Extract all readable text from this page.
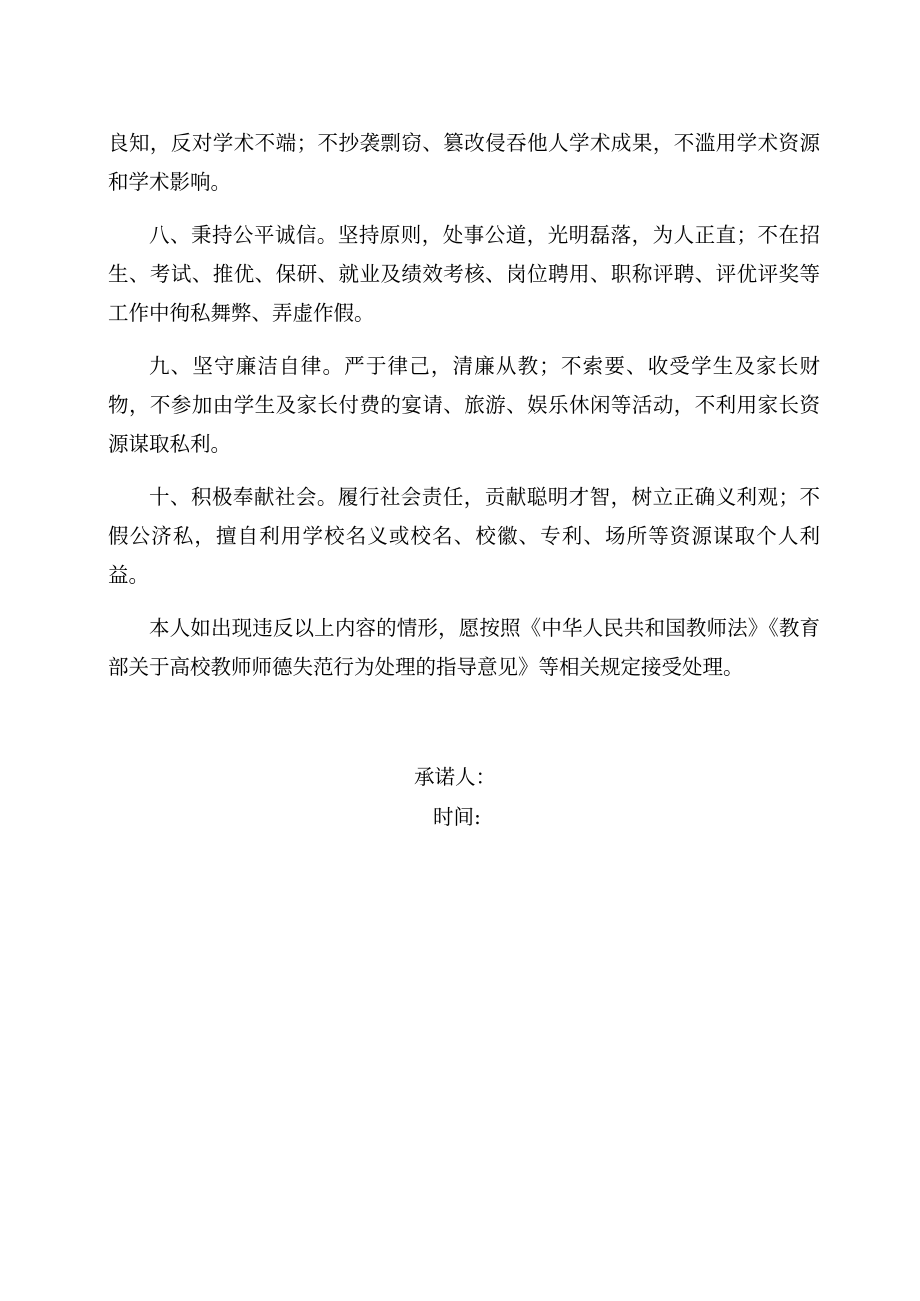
良知，反对学术不端；不抄袭剽窃、篡改侵吞他人学术成果，不滥用学术资源和学术影响。

八、秉持公平诚信。坚持原则，处事公道，光明磊落，为人正直；不在招生、考试、推优、保研、就业及绩效考核、岗位聘用、职称评聘、评优评奖等工作中徇私舞弊、弄虚作假。

九、坚守廉洁自律。严于律己，清廉从教；不索要、收受学生及家长财物，不参加由学生及家长付费的宴请、旅游、娱乐休闲等活动，不利用家长资源谋取私利。

十、积极奉献社会。履行社会责任，贡献聪明才智，树立正确义利观；不假公济私，擅自利用学校名义或校名、校徽、专利、场所等资源谋取个人利益。

本人如出现违反以上内容的情形，愿按照《中华人民共和国教师法》《教育部关于高校教师师德失范行为处理的指导意见》等相关规定接受处理。

承诺人：
时间:
